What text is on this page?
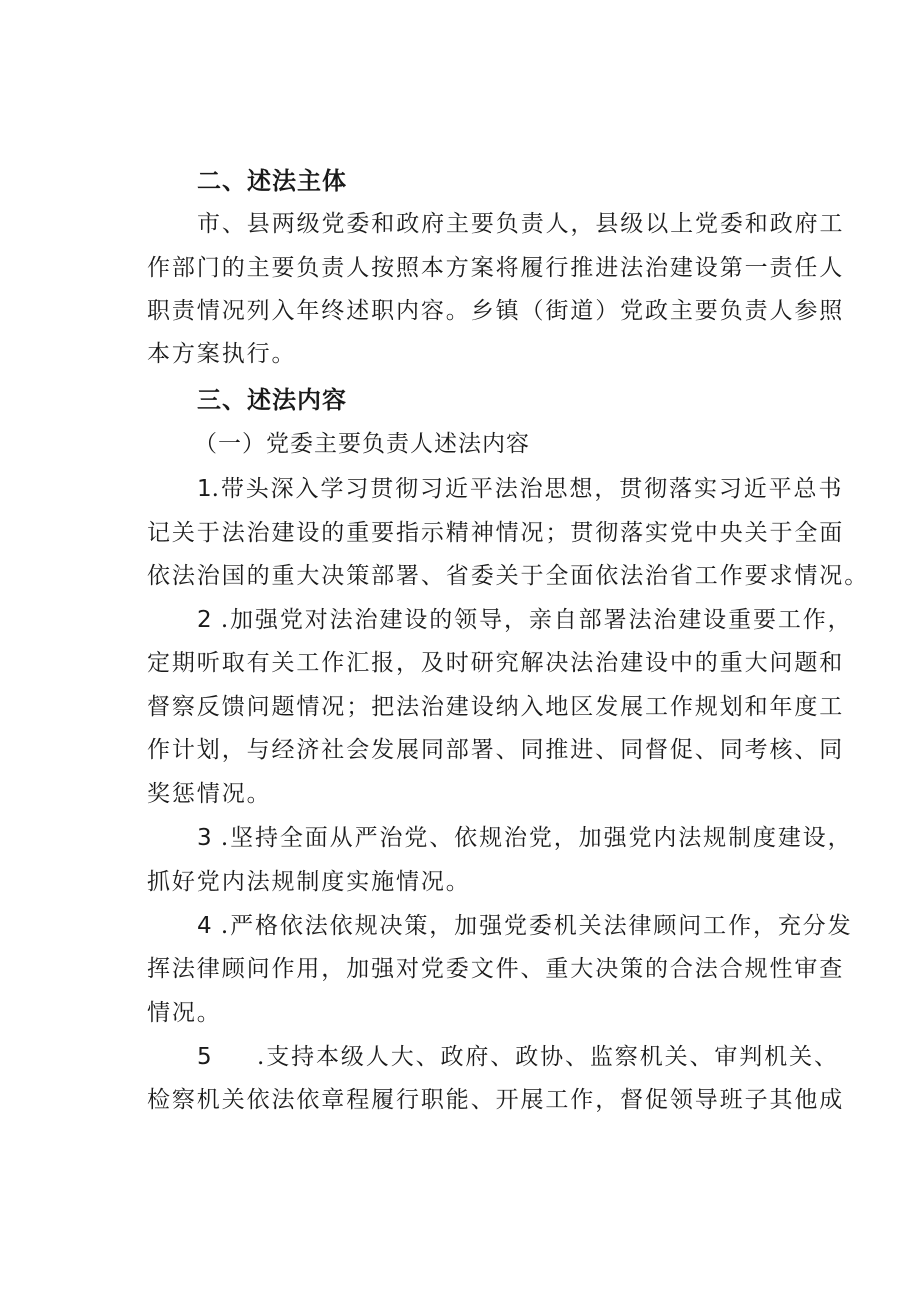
二、述法主体
市、县两级党委和政府主要负责人，县级以上党委和政府工
作部门的主要负责人按照本方案将履行推进法治建设第一责任人
职责情况列入年终述职内容。乡镇（街道）党政主要负责人参照
本方案执行。
三、述法内容
（一）党委主要负责人述法内容
1.带头深入学习贯彻习近平法治思想，贯彻落实习近平总书
记关于法治建设的重要指示精神情况；贯彻落实党中央关于全面
依法治国的重大决策部署、省委关于全面依法治省工作要求情况。
2 .加强党对法治建设的领导，亲自部署法治建设重要工作，
定期听取有关工作汇报，及时研究解决法治建设中的重大问题和
督察反馈问题情况；把法治建设纳入地区发展工作规划和年度工
作计划，与经济社会发展同部署、同推进、同督促、同考核、同
奖惩情况。
3 .坚持全面从严治党、依规治党，加强党内法规制度建设，
抓好党内法规制度实施情况。
4 .严格依法依规决策，加强党委机关法律顾问工作，充分发
挥法律顾问作用，加强对党委文件、重大决策的合法合规性审查
情况。
5 .支持本级人大、政府、政协、监察机关、审判机关、
检察机关依法依章程履行职能、开展工作，督促领导班子其他成
